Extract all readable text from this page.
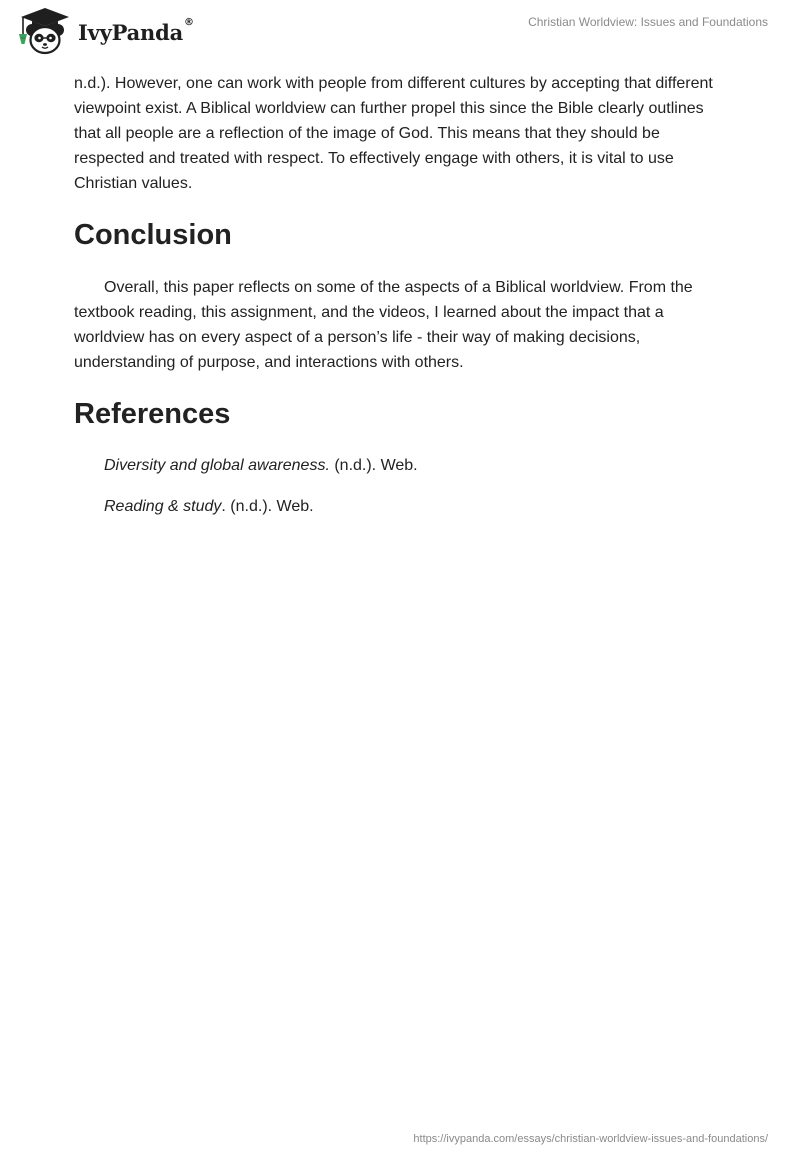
IvyPanda ®	Christian Worldview: Issues and Foundations

n.d.). However, one can work with people from different cultures by accepting that different viewpoint exist. A Biblical worldview can further propel this since the Bible clearly outlines that all people are a reflection of the image of God. This means that they should be respected and treated with respect. To effectively engage with others, it is vital to use Christian values.

Conclusion

Overall, this paper reflects on some of the aspects of a Biblical worldview. From the textbook reading, this assignment, and the videos, I learned about the impact that a worldview has on every aspect of a person’s life - their way of making decisions, understanding of purpose, and interactions with others.

References

Diversity and global awareness. (n.d.). Web.

Reading & study. (n.d.). Web.

https://ivypanda.com/essays/christian-worldview-issues-and-foundations/
